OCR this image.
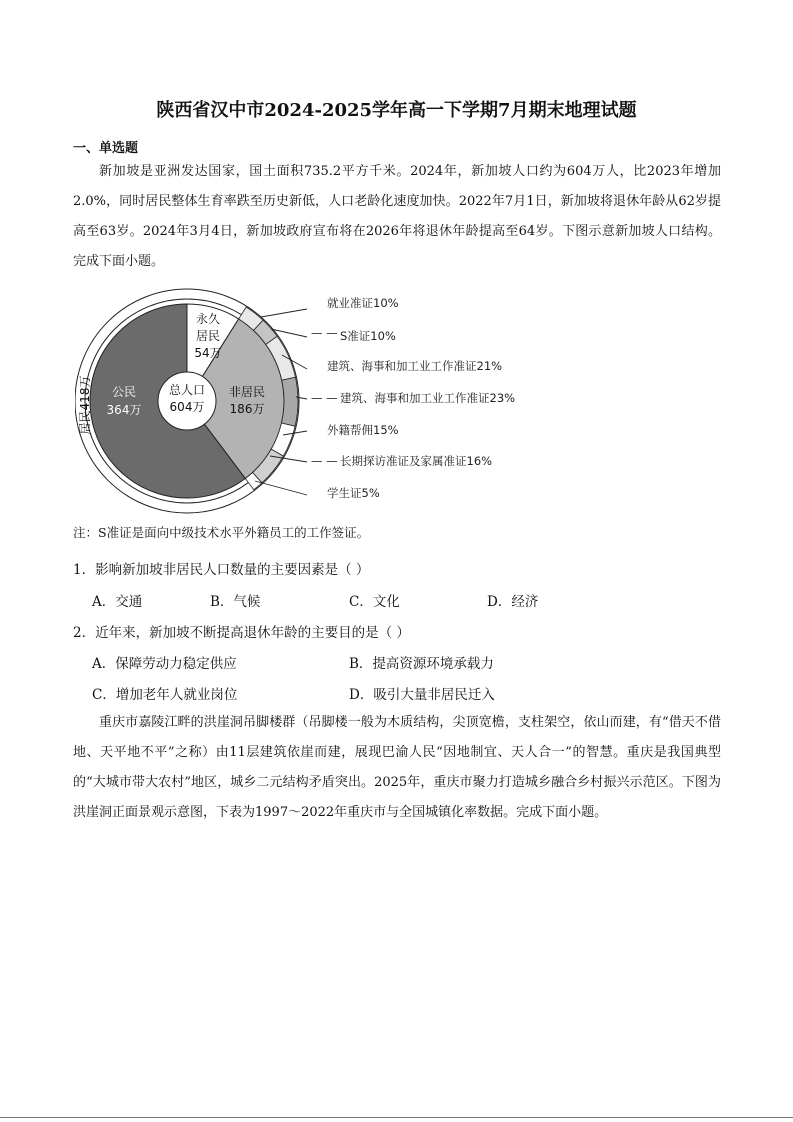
陕西省汉中市2024-2025学年高一下学期7月期末地理试题
一、单选题

新加坡是亚洲发达国家，国土面积735.2平方千米。2024年，新加坡人口约为604万人，比2023年增加2.0%，同时居民整体生育率跌至历史新低，人口老龄化速度加快。2022年7月1日，新加坡将退休年龄从62岁提高至63岁。2024年3月4日，新加坡政府宣布将在2026年将退休年龄提高至64岁。下图示意新加坡人口结构。完成下面小题。

— —
— —
— —
就业准证10%
S准证10%
建筑、海事和加工业工作准证21%
建筑、海事和加工业工作准证23%
外籍帮佣15%
长期探访准证及家属准证16%
学生证5%
公民
364万
永久
居民
54万
非居民
186万
总人口
604万
居民418万
注：S准证是面向中级技术水平外籍员工的工作签证。
1．影响新加坡非居民人口数量的主要因素是（ ）
A．交通	B．气候	C．文化	D．经济
2．近年来，新加坡不断提高退休年龄的主要目的是（ ）
A．保障劳动力稳定供应	B．提高资源环境承载力
C．增加老年人就业岗位	D．吸引大量非居民迁入

重庆市嘉陵江畔的洪崖洞吊脚楼群（吊脚楼一般为木质结构，尖顶宽檐，支柱架空，依山而建，有“借天不借地、天平地不平”之称）由11层建筑依崖而建，展现巴渝人民“因地制宜、天人合一”的智慧。重庆是我国典型的“大城市带大农村”地区，城乡二元结构矛盾突出。2025年，重庆市聚力打造城乡融合乡村振兴示范区。下图为洪崖洞正面景观示意图，下表为1997～2022年重庆市与全国城镇化率数据。完成下面小题。
